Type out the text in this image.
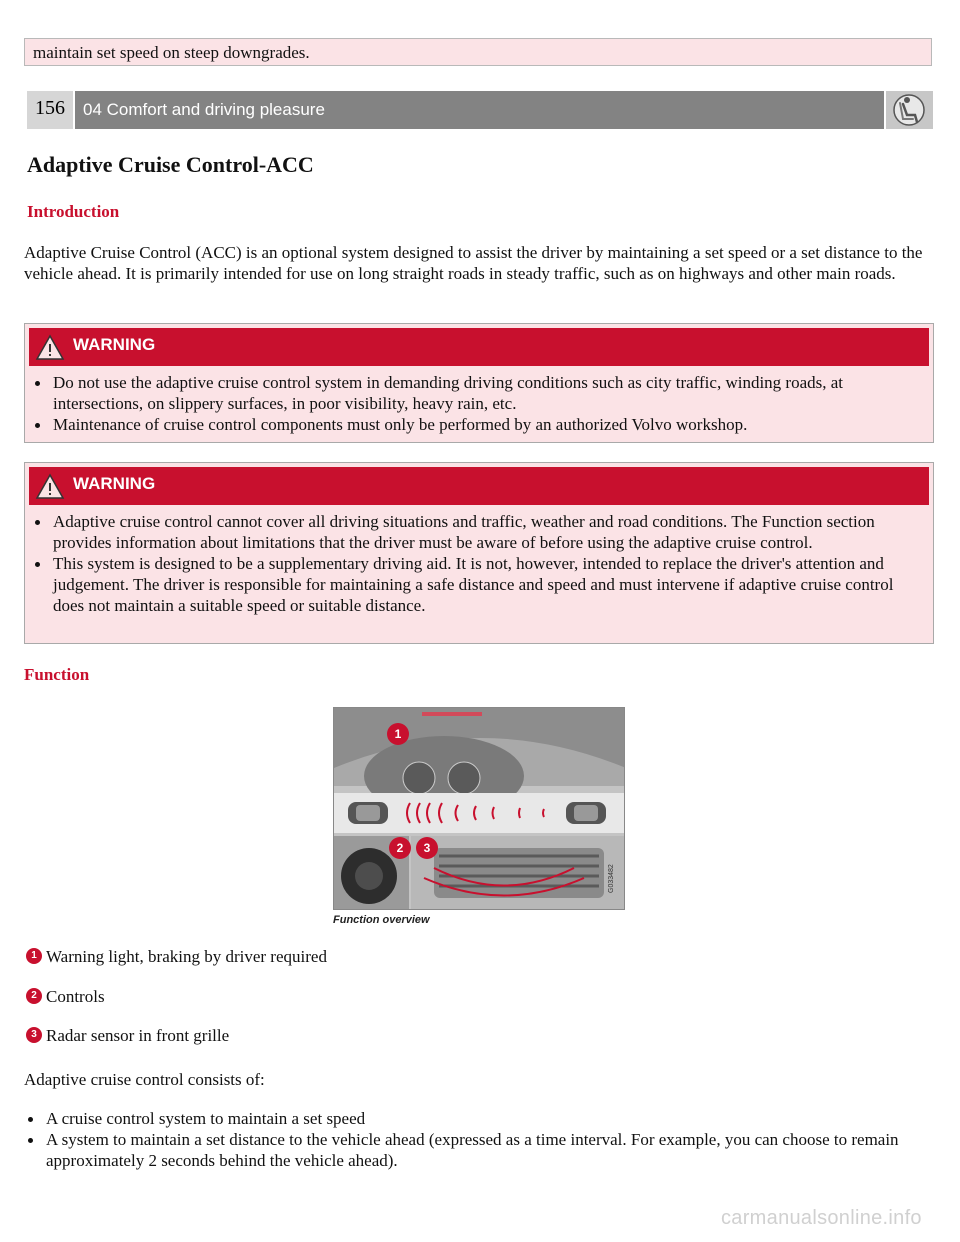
maintain set speed on steep downgrades.
156	04 Comfort and driving pleasure
Adaptive Cruise Control-ACC
Introduction

Adaptive Cruise Control (ACC) is an optional system designed to assist the driver by maintaining a set speed or a set distance to the vehicle ahead. It is primarily intended for use on long straight roads in steady traffic, such as on highways and other main roads.

WARNING
Do not use the adaptive cruise control system in demanding driving conditions such as city traffic, winding roads, at intersections, on slippery surfaces, in poor visibility, heavy rain, etc.
Maintenance of cruise control components must only be performed by an authorized Volvo workshop.
WARNING
Adaptive cruise control cannot cover all driving situations and traffic, weather and road conditions. The Function section provides information about limitations that the driver must be aware of before using the adaptive cruise control.
This system is designed to be a supplementary driving aid. It is not, however, intended to replace the driver's attention and judgement. The driver is responsible for maintaining a safe distance and speed and must intervene if adaptive cruise control does not maintain a suitable speed or suitable distance.
Function
1
2 3
G033482
Function overview
1 Warning light, braking by driver required
2 Controls
3 Radar sensor in front grille

Adaptive cruise control consists of:

A cruise control system to maintain a set speed
A system to maintain a set distance to the vehicle ahead (expressed as a time interval. For example, you can choose to remain approximately 2 seconds behind the vehicle ahead).
carmanualsonline.info
